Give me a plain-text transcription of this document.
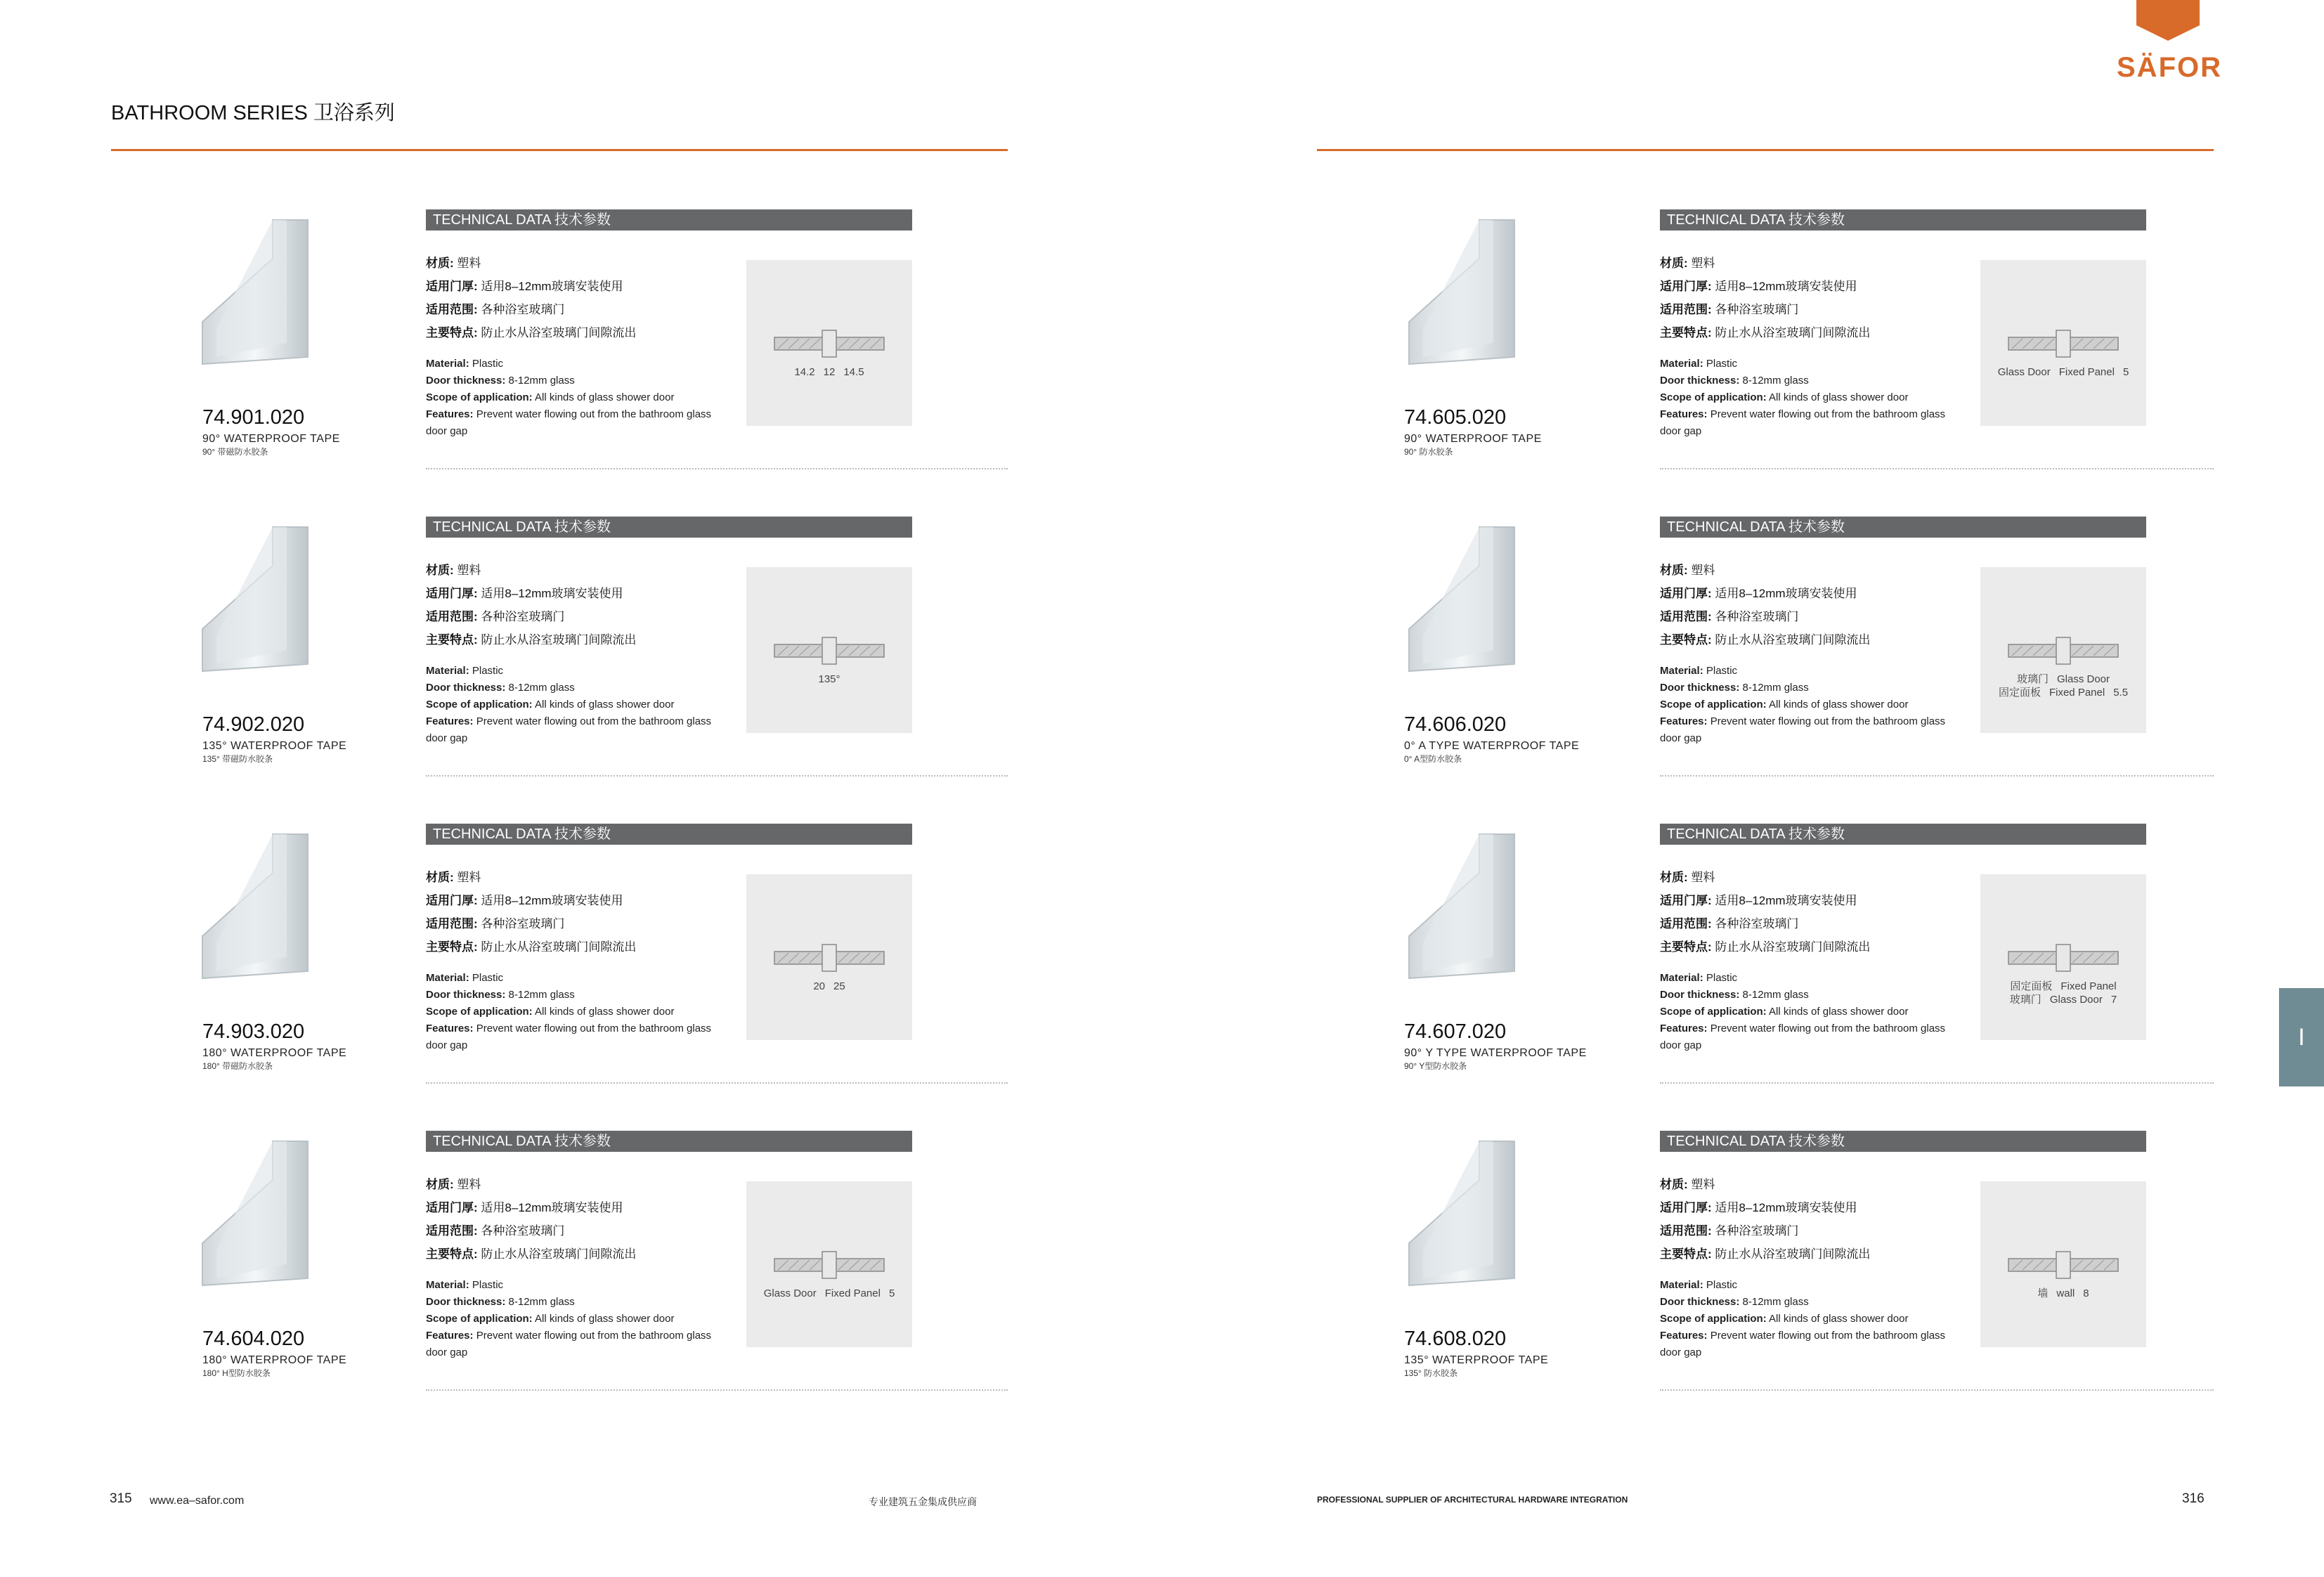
BATHROOM SERIES 卫浴系列
SÄFOR
I
74.901.020
90° WATERPROOF TAPE
90° 带磁防水胶条
TECHNICAL DATA 技术参数
材质: 塑料
适用门厚: 适用8–12mm玻璃安装使用
适用范围: 各种浴室玻璃门
主要特点: 防止水从浴室玻璃门间隙流出
Material: Plastic
Door thickness: 8-12mm glass
Scope of application: All kinds of glass shower door
Features: Prevent water flowing out from the bathroom glass door gap
14.2 12 14.5
74.902.020
135° WATERPROOF TAPE
135° 带磁防水胶条
TECHNICAL DATA 技术参数
材质: 塑料
适用门厚: 适用8–12mm玻璃安装使用
适用范围: 各种浴室玻璃门
主要特点: 防止水从浴室玻璃门间隙流出
Material: Plastic
Door thickness: 8-12mm glass
Scope of application: All kinds of glass shower door
Features: Prevent water flowing out from the bathroom glass door gap
135°
74.903.020
180° WATERPROOF TAPE
180° 带磁防水胶条
TECHNICAL DATA 技术参数
材质: 塑料
适用门厚: 适用8–12mm玻璃安装使用
适用范围: 各种浴室玻璃门
主要特点: 防止水从浴室玻璃门间隙流出
Material: Plastic
Door thickness: 8-12mm glass
Scope of application: All kinds of glass shower door
Features: Prevent water flowing out from the bathroom glass door gap
20 25
74.604.020
180° WATERPROOF TAPE
180° H型防水胶条
TECHNICAL DATA 技术参数
材质: 塑料
适用门厚: 适用8–12mm玻璃安装使用
适用范围: 各种浴室玻璃门
主要特点: 防止水从浴室玻璃门间隙流出
Material: Plastic
Door thickness: 8-12mm glass
Scope of application: All kinds of glass shower door
Features: Prevent water flowing out from the bathroom glass door gap
Glass Door Fixed Panel 5
74.605.020
90° WATERPROOF TAPE
90° 防水胶条
TECHNICAL DATA 技术参数
材质: 塑料
适用门厚: 适用8–12mm玻璃安装使用
适用范围: 各种浴室玻璃门
主要特点: 防止水从浴室玻璃门间隙流出
Material: Plastic
Door thickness: 8-12mm glass
Scope of application: All kinds of glass shower door
Features: Prevent water flowing out from the bathroom glass door gap
Glass Door Fixed Panel 5
74.606.020
0° A TYPE WATERPROOF TAPE
0° A型防水胶条
TECHNICAL DATA 技术参数
材质: 塑料
适用门厚: 适用8–12mm玻璃安装使用
适用范围: 各种浴室玻璃门
主要特点: 防止水从浴室玻璃门间隙流出
Material: Plastic
Door thickness: 8-12mm glass
Scope of application: All kinds of glass shower door
Features: Prevent water flowing out from the bathroom glass door gap
玻璃门 Glass Door固定面板 Fixed Panel 5.5
74.607.020
90° Y TYPE WATERPROOF TAPE
90° Y型防水胶条
TECHNICAL DATA 技术参数
材质: 塑料
适用门厚: 适用8–12mm玻璃安装使用
适用范围: 各种浴室玻璃门
主要特点: 防止水从浴室玻璃门间隙流出
Material: Plastic
Door thickness: 8-12mm glass
Scope of application: All kinds of glass shower door
Features: Prevent water flowing out from the bathroom glass door gap
固定面板 Fixed Panel玻璃门 Glass Door 7
74.608.020
135° WATERPROOF TAPE
135° 防水胶条
TECHNICAL DATA 技术参数
材质: 塑料
适用门厚: 适用8–12mm玻璃安装使用
适用范围: 各种浴室玻璃门
主要特点: 防止水从浴室玻璃门间隙流出
Material: Plastic
Door thickness: 8-12mm glass
Scope of application: All kinds of glass shower door
Features: Prevent water flowing out from the bathroom glass door gap
墙 wall 8
315 www.ea–safor.com	专业建筑五金集成供应商	PROFESSIONAL SUPPLIER OF ARCHITECTURAL HARDWARE INTEGRATION	316
